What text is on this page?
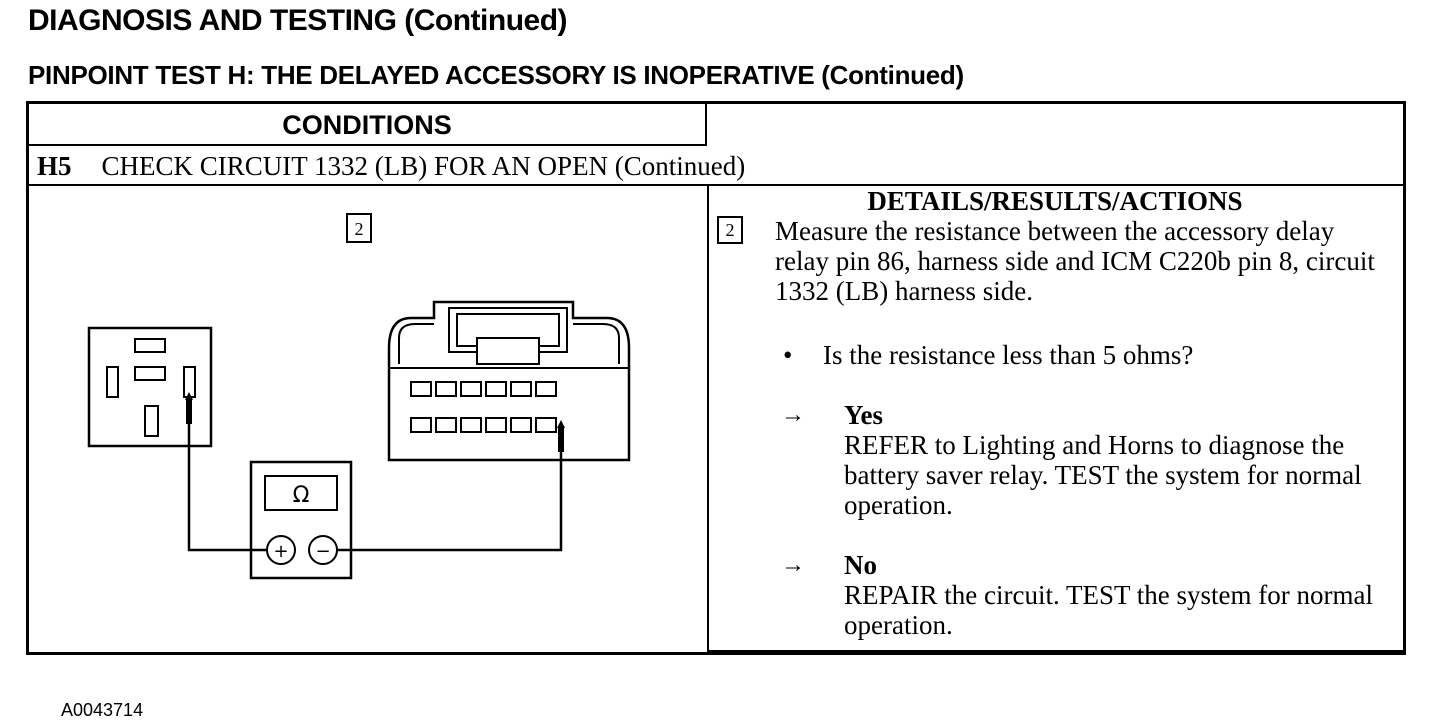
DIAGNOSIS AND TESTING (Continued)
PINPOINT TEST H: THE DELAYED ACCESSORY IS INOPERATIVE (Continued)
CONDITIONS
DETAILS/RESULTS/ACTIONS
H5 CHECK CIRCUIT 1332 (LB) FOR AN OPEN (Continued)
2
Ω
+ −
A0043714
2	Measure the resistance between the accessory delay relay pin 86, harness side and ICM C220b pin 8, circuit 1332 (LB) harness side.
• Is the resistance less than 5 ohms?
→ Yes
REFER to Lighting and Horns to diagnose the battery saver relay. TEST the system for normal operation.
→ No
REPAIR the circuit. TEST the system for normal operation.
